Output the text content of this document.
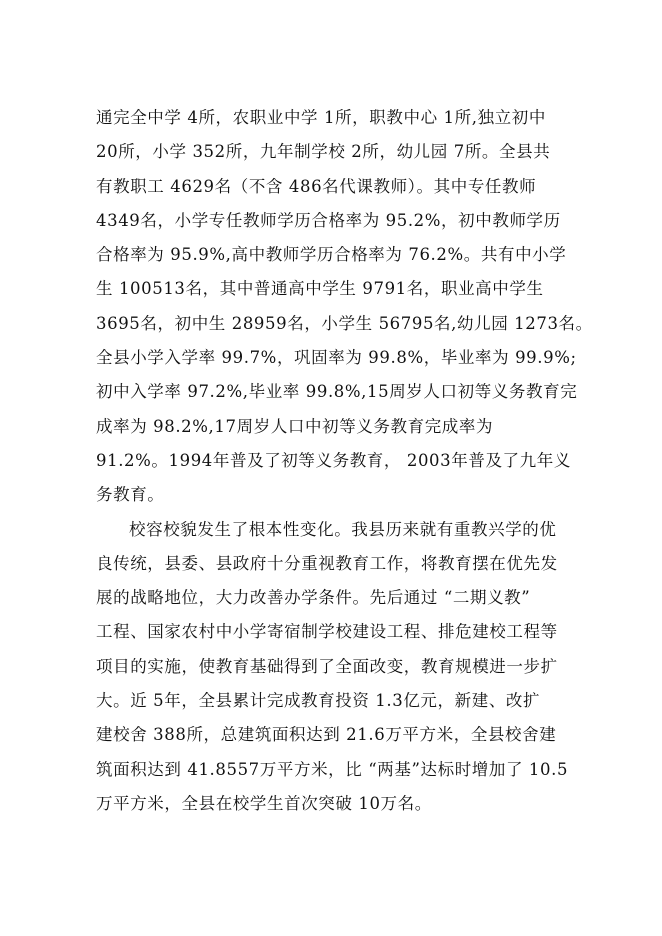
通完全中学 4所，农职业中学 1所，职教中心 1所,独立初中
20所，小学 352所，九年制学校 2所，幼儿园 7所。全县共
有教职工 4629名（不含 486名代课教师）。其中专任教师
4349名，小学专任教师学历合格率为 95.2%，初中教师学历
合格率为 95.9%,高中教师学历合格率为 76.2%。共有中小学
生 100513名，其中普通高中学生 9791名，职业高中学生
3695名，初中生 28959名，小学生 56795名,幼儿园 1273名。
全县小学入学率 99.7%，巩固率为 99.8%，毕业率为 99.9%;
初中入学率 97.2%,毕业率 99.8%,15周岁人口初等义务教育完
成率为 98.2%,17周岁人口中初等义务教育完成率为
91.2%。1994年普及了初等义务教育， 2003年普及了九年义
务教育。
校容校貌发生了根本性变化。我县历来就有重教兴学的优
良传统，县委、县政府十分重视教育工作，将教育摆在优先发
展的战略地位，大力改善办学条件。先后通过 “二期义教”
工程、国家农村中小学寄宿制学校建设工程、排危建校工程等
项目的实施，使教育基础得到了全面改变，教育规模进一步扩
大。近 5年，全县累计完成教育投资 1.3亿元，新建、改扩
建校舍 388所，总建筑面积达到 21.6万平方米，全县校舍建
筑面积达到 41.8557万平方米，比 “两基”达标时增加了 10.5
万平方米，全县在校学生首次突破 10万名。
